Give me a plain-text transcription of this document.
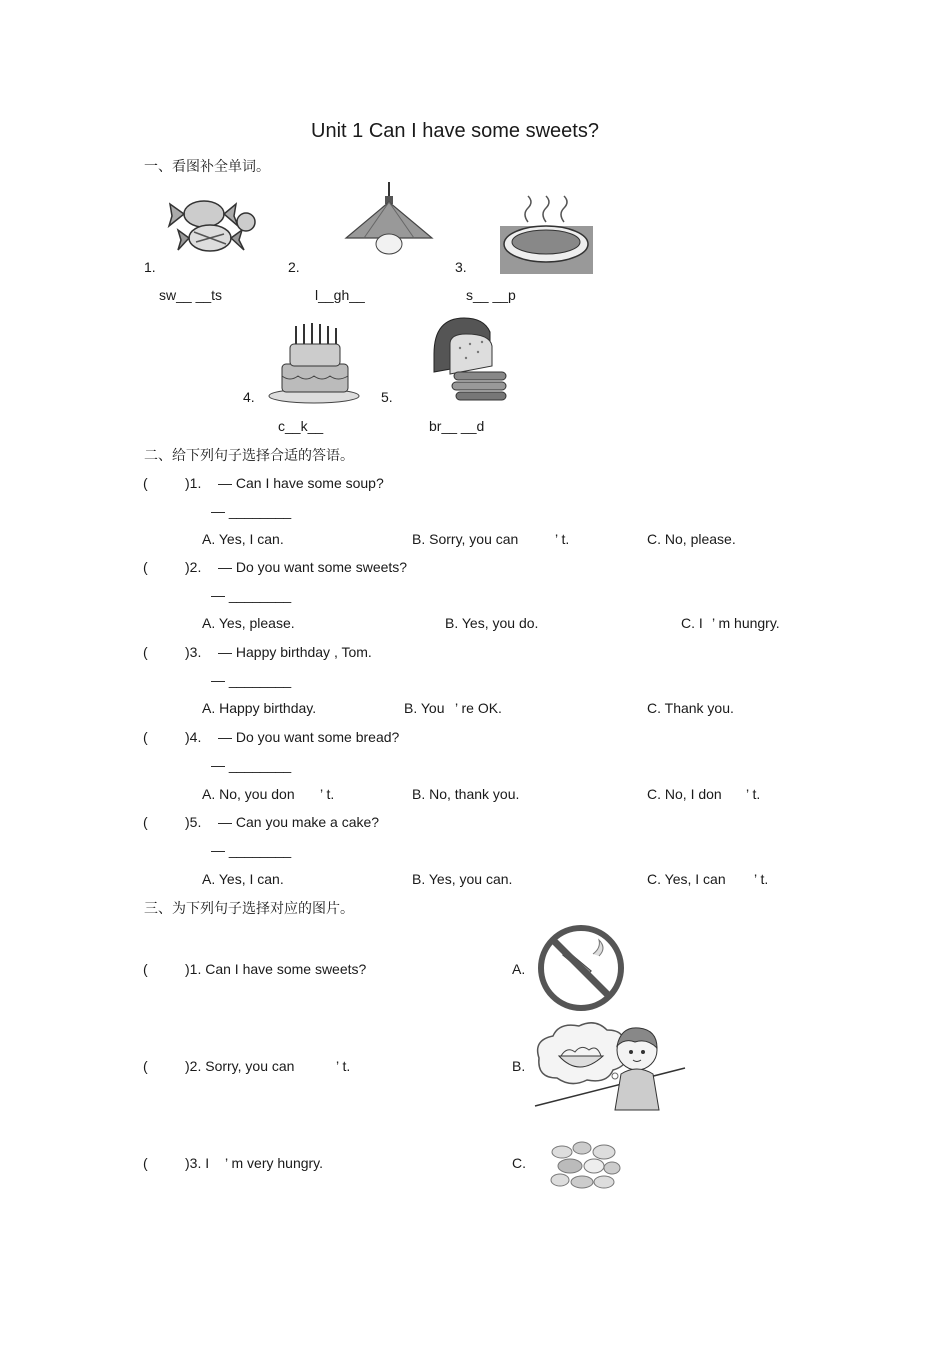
Unit 1 Can I have some sweets?
一、看图补全单词。
1.	2.	3.
sw__ __ts	l__gh__	s__ __p
4.	5.
c__k__	br__ __d
二、给下列句子选择合适的答语。
(	)1. — Can I have some soup?
— ________
A. Yes, I can.	B. Sorry, you can	’ t.	C. No, please.
(	)2. — Do you want some sweets?
— ________
A. Yes, please.	B. Yes, you do.	C. I ’ m hungry.
(	)3. — Happy birthday , Tom.
— ________
A. Happy birthday.	B. You ’ re OK.	C. Thank you.
(	)4. — Do you want some bread?
— ________
A. No, you don ’ t.	B. No, thank you.	C. No, I don ’ t.
(	)5. — Can you make a cake?
— ________
A. Yes, I can.	B. Yes, you can.	C. Yes, I can ’ t.
三、为下列句子选择对应的图片。
(	)1. Can I have some sweets?	A.
(	)2. Sorry, you can	’ t.	B.
(	)3. I ’ m very hungry.	C.
